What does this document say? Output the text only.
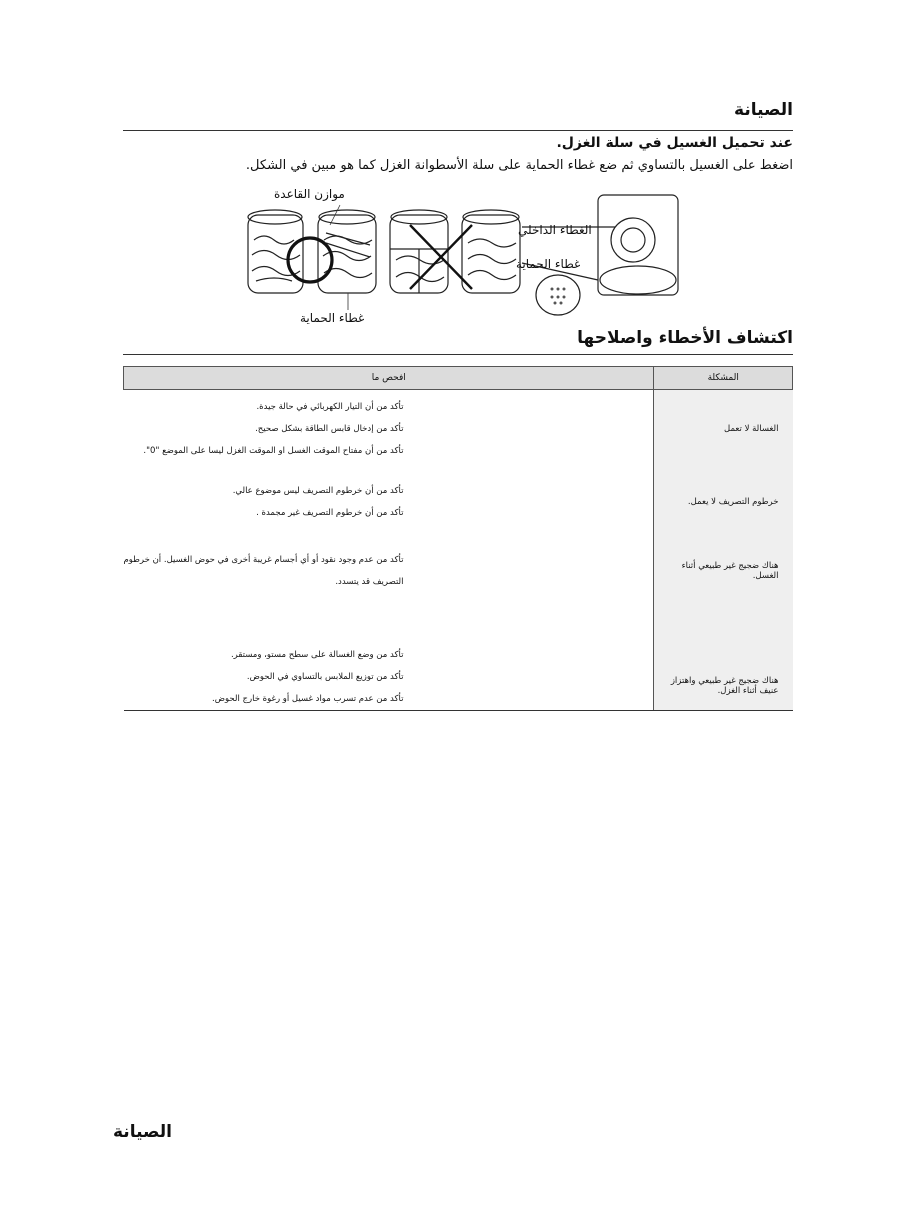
الصيانة
عند تحميل الغسيل في سلة الغزل.
اضغط على الغسيل بالتساوي ثم ضع غطاء الحماية على سلة الأسطوانة الغزل كما هو مبين في الشكل.
موازن القاعدة
غطاء الحماية
الغطاء الداخلي
غطاء الحماية
اكتشاف الأخطاء واصلاحها
المشكلة	افحص ما

الغسالة لا تعمل	تأكد من أن التيار الكهربائي في حالة جيدة.
تأكد من إدخال قابس الطاقة بشكل صحيح.
تأكد من أن مفتاح الموقت الغسل او الموقت الغزل ليسا على الموضع "0".

خرطوم التصريف لا يعمل.	تأكد من أن خرطوم التصريف ليس موضوع عالي.
تأكد من أن خرطوم التصريف غير مجمدة .

هناك ضجيج غير طبيعي أثناء الغسل.	تأكد من عدم وجود نقود أو أي أجسام غريبة أخرى في حوض الغسيل. أن خرطوم
التصريف قد يتسدد.

هناك ضجيج غير طبيعي واهتزاز عنيف أثناء الغزل.	تأكد من وضع الغسالة على سطح مستو، ومستقر.
تأكد من توزيع الملابس بالتساوي في الحوض.
تأكد من عدم تسرب مواد غسيل أو رغوة خارج الحوض.
الصيانة
